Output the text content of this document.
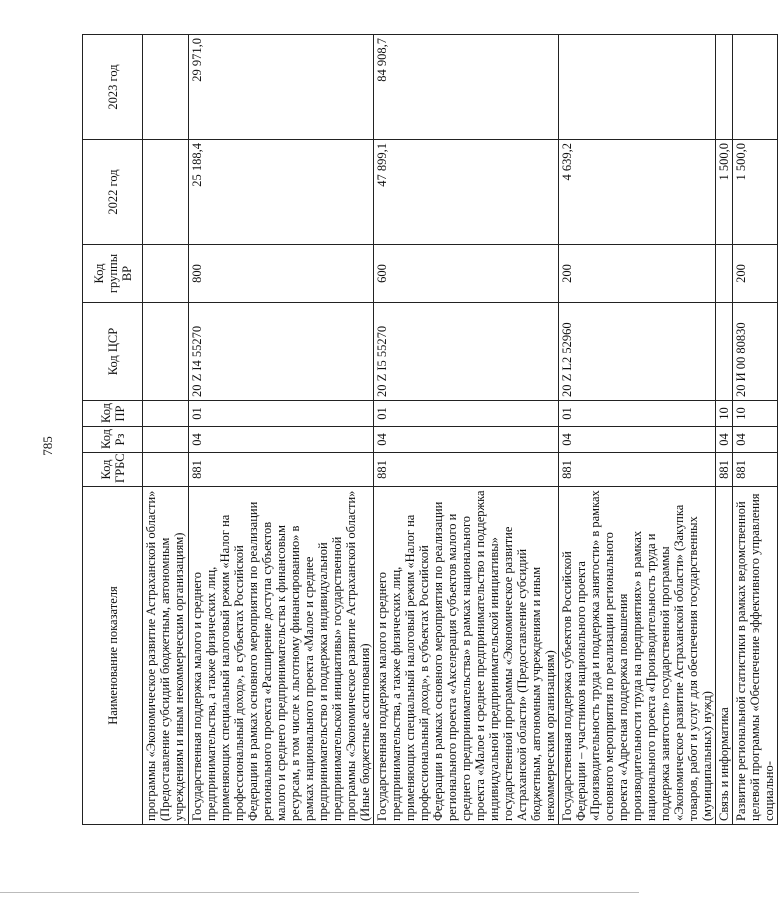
785
Наименование показателя	Код ГРБС	Код Рз	Код ПР	Код ЦСР	Код группы ВР	2022 год	2023 год
программы «Экономическое развитие Астраханской области» (Предоставление субсидий бюджетным, автономным учреждениям и иным некоммерческим организациям)							
Государственная поддержка малого и среднего предпринимательства, а также физических лиц, применяющих специальный налоговый режим «Налог на профессиональный доход», в субъектах Российской Федерации в рамках основного мероприятия по реализации регионального проекта «Расширение доступа субъектов малого и среднего предпринимательства к финансовым ресурсам, в том числе к льготному финансированию» в рамках национального проекта «Малое и среднее предпринимательство и поддержка индивидуальной предпринимательской инициативы» государственной программы «Экономическое развитие Астраханской области» (Иные бюджетные ассигнования)	881	04	01	20 Z I4 55270	800	25 188,4	29 971,0
Государственная поддержка малого и среднего предпринимательства, а также физических лиц, применяющих специальный налоговый режим «Налог на профессиональный доход», в субъектах Российской Федерации в рамках основного мероприятия по реализации регионального проекта «Акселерация субъектов малого и среднего предпринимательства» в рамках национального проекта «Малое и среднее предпринимательство и поддержка индивидуальной предпринимательской инициативы» государственной программы «Экономическое развитие Астраханской области» (Предоставление субсидий бюджетным, автономным учреждениям и иным некоммерческим организациям)	881	04	01	20 Z I5 55270	600	47 899,1	84 908,7
Государственная поддержка субъектов Российской Федерации – участников национального проекта «Производительность труда и поддержка занятости» в рамках основного мероприятия по реализации регионального проекта «Адресная поддержка повышения производительности труда на предприятиях» в рамках национального проекта «Производительность труда и поддержка занятости» государственной программы «Экономическое развитие Астраханской области» (Закупка товаров, работ и услуг для обеспечения государственных (муниципальных) нужд)	881	04	01	20 Z L2 52960	200	4 639,2	
Связь и информатика	881	04	10			1 500,0	
Развитие региональной статистики в рамках ведомственной целевой программы «Обеспечение эффективного управления социально-	881	04	10	20 И 00 80830	200	1 500,0	
